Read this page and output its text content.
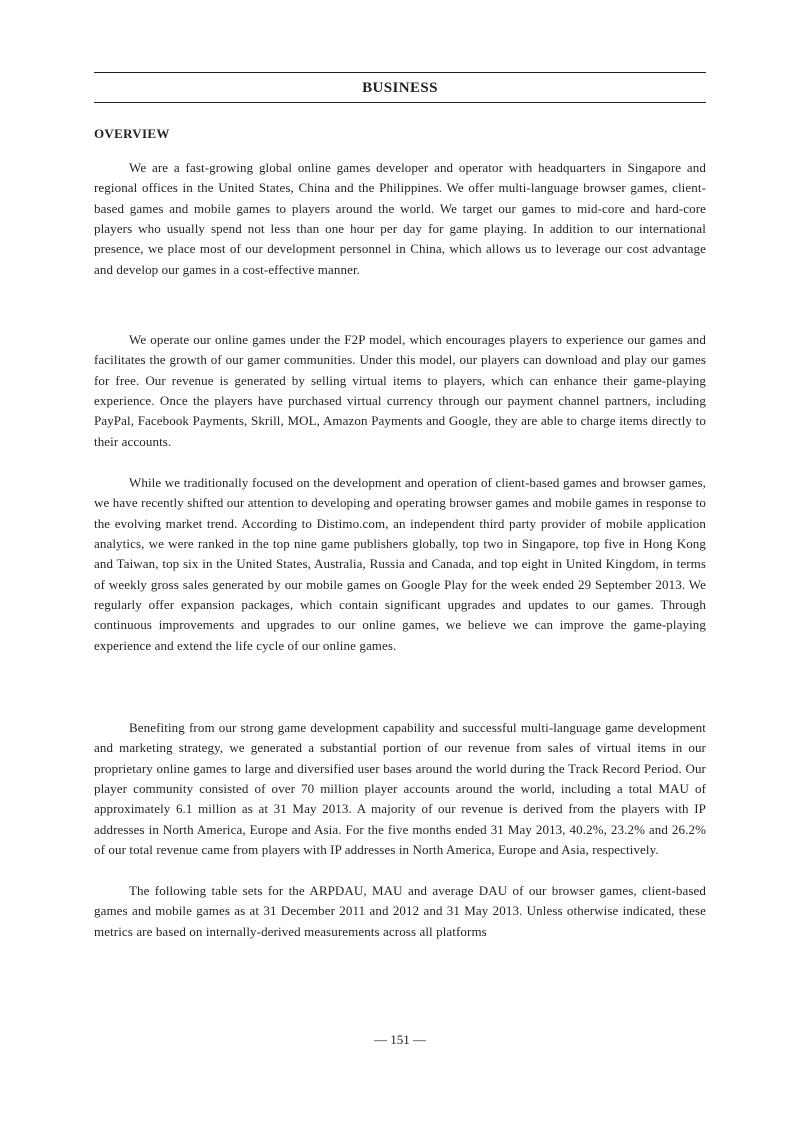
BUSINESS
OVERVIEW

We are a fast-growing global online games developer and operator with headquarters in Singapore and regional offices in the United States, China and the Philippines. We offer multi-language browser games, client-based games and mobile games to players around the world. We target our games to mid-core and hard-core players who usually spend not less than one hour per day for game playing. In addition to our international presence, we place most of our development personnel in China, which allows us to leverage our cost advantage and develop our games in a cost-effective manner.

We operate our online games under the F2P model, which encourages players to experience our games and facilitates the growth of our gamer communities. Under this model, our players can download and play our games for free. Our revenue is generated by selling virtual items to players, which can enhance their game-playing experience. Once the players have purchased virtual currency through our payment channel partners, including PayPal, Facebook Payments, Skrill, MOL, Amazon Payments and Google, they are able to charge items directly to their accounts.

While we traditionally focused on the development and operation of client-based games and browser games, we have recently shifted our attention to developing and operating browser games and mobile games in response to the evolving market trend. According to Distimo.com, an independent third party provider of mobile application analytics, we were ranked in the top nine game publishers globally, top two in Singapore, top five in Hong Kong and Taiwan, top six in the United States, Australia, Russia and Canada, and top eight in United Kingdom, in terms of weekly gross sales generated by our mobile games on Google Play for the week ended 29 September 2013. We regularly offer expansion packages, which contain significant upgrades and updates to our games. Through continuous improvements and upgrades to our online games, we believe we can improve the game-playing experience and extend the life cycle of our online games.

Benefiting from our strong game development capability and successful multi-language game development and marketing strategy, we generated a substantial portion of our revenue from sales of virtual items in our proprietary online games to large and diversified user bases around the world during the Track Record Period. Our player community consisted of over 70 million player accounts around the world, including a total MAU of approximately 6.1 million as at 31 May 2013. A majority of our revenue is derived from the players with IP addresses in North America, Europe and Asia. For the five months ended 31 May 2013, 40.2%, 23.2% and 26.2% of our total revenue came from players with IP addresses in North America, Europe and Asia, respectively.

The following table sets for the ARPDAU, MAU and average DAU of our browser games, client-based games and mobile games as at 31 December 2011 and 2012 and 31 May 2013. Unless otherwise indicated, these metrics are based on internally-derived measurements across all platforms

— 151 —
